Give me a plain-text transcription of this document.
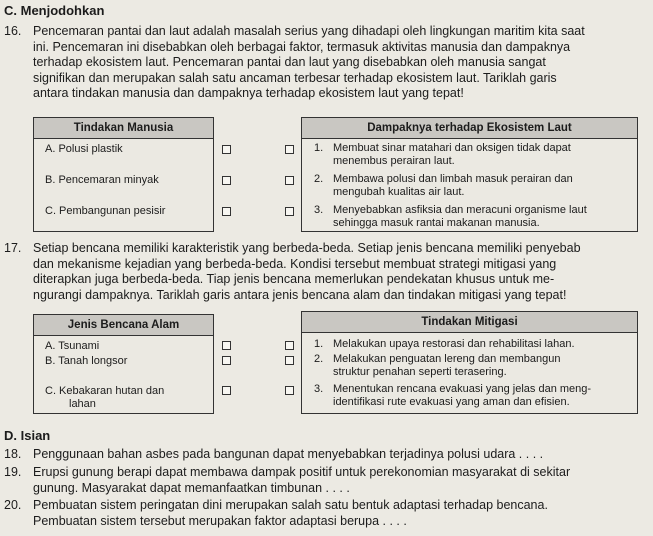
C. Menjodohkan
16. Pencemaran pantai dan laut adalah masalah serius yang dihadapi oleh lingkungan maritim kita saat
ini. Pencemaran ini disebabkan oleh berbagai faktor, termasuk aktivitas manusia dan dampaknya
terhadap ekosistem laut. Pencemaran pantai dan laut yang disebabkan oleh manusia sangat
signifikan dan merupakan salah satu ancaman terbesar terhadap ekosistem laut. Tariklah garis
antara tindakan manusia dan dampaknya terhadap ekosistem laut yang tepat!
Tindakan Manusia
A. Polusi plastik
B. Pencemaran minyak
C. Pembangunan pesisir
Dampaknya terhadap Ekosistem Laut
1. Membuat sinar matahari dan oksigen tidak dapat
menembus perairan laut.
2. Membawa polusi dan limbah masuk perairan dan
mengubah kualitas air laut.
3. Menyebabkan asfiksia dan meracuni organisme laut
sehingga masuk rantai makanan manusia.
17. Setiap bencana memiliki karakteristik yang berbeda-beda. Setiap jenis bencana memiliki penyebab
dan mekanisme kejadian yang berbeda-beda. Kondisi tersebut membuat strategi mitigasi yang
diterapkan juga berbeda-beda. Tiap jenis bencana memerlukan pendekatan khusus untuk me-
ngurangi dampaknya. Tariklah garis antara jenis bencana alam dan tindakan mitigasi yang tepat!
Jenis Bencana Alam
A. Tsunami
B. Tanah longsor
C. Kebakaran hutan dan
lahan
Tindakan Mitigasi
1. Melakukan upaya restorasi dan rehabilitasi lahan.
2. Melakukan penguatan lereng dan membangun
struktur penahan seperti terasering.
3. Menentukan rencana evakuasi yang jelas dan meng-
identifikasi rute evakuasi yang aman dan efisien.
D. Isian
18. Penggunaan bahan asbes pada bangunan dapat menyebabkan terjadinya polusi udara . . . .
19. Erupsi gunung berapi dapat membawa dampak positif untuk perekonomian masyarakat di sekitar
gunung. Masyarakat dapat memanfaatkan timbunan . . . .
20. Pembuatan sistem peringatan dini merupakan salah satu bentuk adaptasi terhadap bencana.
Pembuatan sistem tersebut merupakan faktor adaptasi berupa . . . .
